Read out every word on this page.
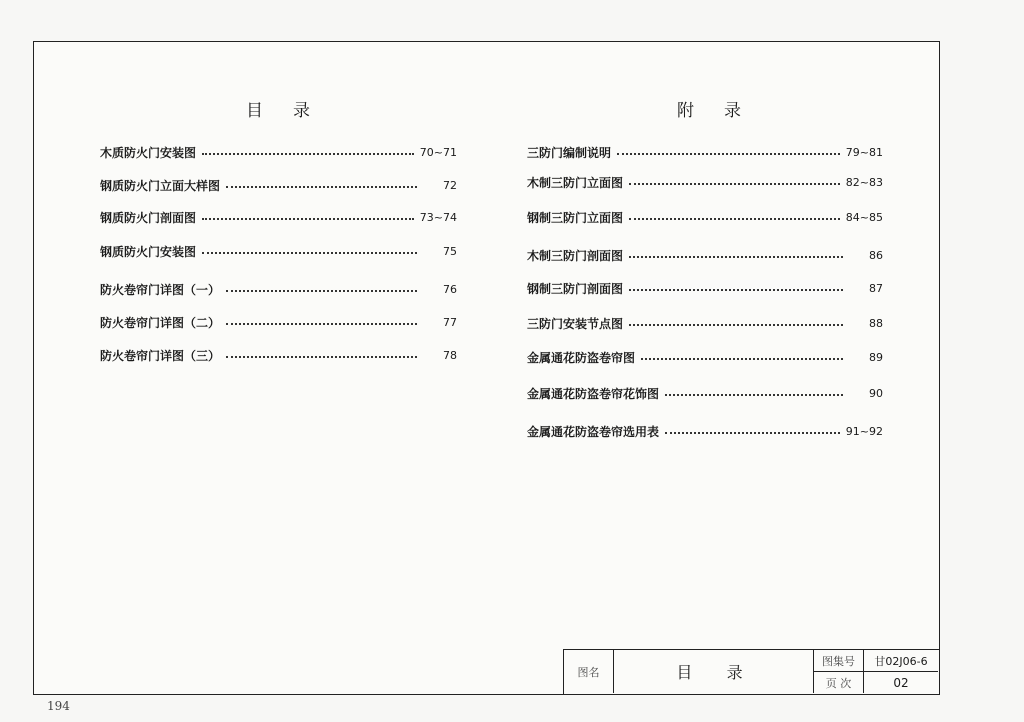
目录	附录
木质防火门安装图	70~71
钢质防火门立面大样图	72
钢质防火门剖面图	73~74
钢质防火门安装图	75
防火卷帘门详图（一）	76
防火卷帘门详图（二）	77
防火卷帘门详图（三）	78
三防门编制说明	79~81
木制三防门立面图	82~83
钢制三防门立面图	84~85
木制三防门剖面图	86
钢制三防门剖面图	87
三防门安装节点图	88
金属通花防盗卷帘图	89
金属通花防盗卷帘花饰图	90
金属通花防盗卷帘选用表	91~92
图名	目  录
图集号	甘02J06-6
页 次	02
194
